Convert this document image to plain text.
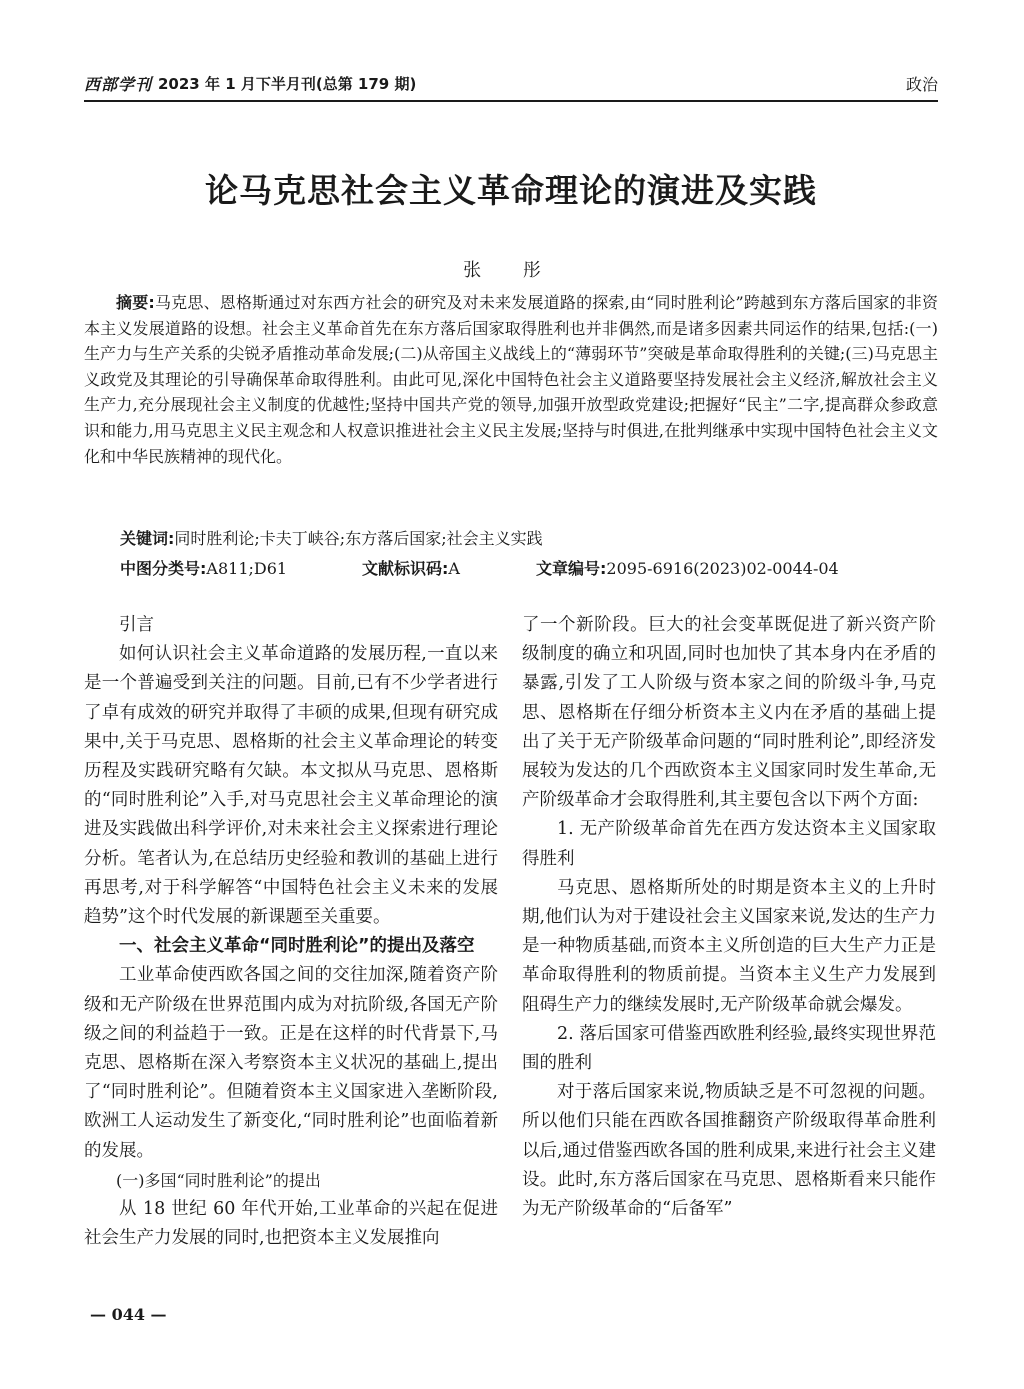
西部学刊 2023 年 1 月下半月刊(总第 179 期)	政治
论马克思社会主义革命理论的演进及实践
张 彤
摘要:马克思、恩格斯通过对东西方社会的研究及对未来发展道路的探索,由“同时胜利论”跨越到东方落后国家的非资本主义发展道路的设想。社会主义革命首先在东方落后国家取得胜利也并非偶然,而是诸多因素共同运作的结果,包括:(一)生产力与生产关系的尖锐矛盾推动革命发展;(二)从帝国主义战线上的“薄弱环节”突破是革命取得胜利的关键;(三)马克思主义政党及其理论的引导确保革命取得胜利。由此可见,深化中国特色社会主义道路要坚持发展社会主义经济,解放社会主义生产力,充分展现社会主义制度的优越性;坚持中国共产党的领导,加强开放型政党建设;把握好“民主”二字,提高群众参政意识和能力,用马克思主义民主观念和人权意识推进社会主义民主发展;坚持与时俱进,在批判继承中实现中国特色社会主义文化和中华民族精神的现代化。
关键词:同时胜利论;卡夫丁峡谷;东方落后国家;社会主义实践
中图分类号:A811;D61	文献标识码:A	文章编号:2095-6916(2023)02-0044-04
引言

如何认识社会主义革命道路的发展历程,一直以来是一个普遍受到关注的问题。目前,已有不少学者进行了卓有成效的研究并取得了丰硕的成果,但现有研究成果中,关于马克思、恩格斯的社会主义革命理论的转变历程及实践研究略有欠缺。本文拟从马克思、恩格斯的“同时胜利论”入手,对马克思社会主义革命理论的演进及实践做出科学评价,对未来社会主义探索进行理论分析。笔者认为,在总结历史经验和教训的基础上进行再思考,对于科学解答“中国特色社会主义未来的发展趋势”这个时代发展的新课题至关重要。

一、社会主义革命“同时胜利论”的提出及落空

工业革命使西欧各国之间的交往加深,随着资产阶级和无产阶级在世界范围内成为对抗阶级,各国无产阶级之间的利益趋于一致。正是在这样的时代背景下,马克思、恩格斯在深入考察资本主义状况的基础上,提出了“同时胜利论”。但随着资本主义国家进入垄断阶段,欧洲工人运动发生了新变化,“同时胜利论”也面临着新的发展。

(一)多国“同时胜利论”的提出

从 18 世纪 60 年代开始,工业革命的兴起在促进社会生产力发展的同时,也把资本主义发展推向

了一个新阶段。巨大的社会变革既促进了新兴资产阶级制度的确立和巩固,同时也加快了其本身内在矛盾的暴露,引发了工人阶级与资本家之间的阶级斗争,马克思、恩格斯在仔细分析资本主义内在矛盾的基础上提出了关于无产阶级革命问题的“同时胜利论”,即经济发展较为发达的几个西欧资本主义国家同时发生革命,无产阶级革命才会取得胜利,其主要包含以下两个方面:

1. 无产阶级革命首先在西方发达资本主义国家取得胜利

马克思、恩格斯所处的时期是资本主义的上升时期,他们认为对于建设社会主义国家来说,发达的生产力是一种物质基础,而资本主义所创造的巨大生产力正是革命取得胜利的物质前提。当资本主义生产力发展到阻碍生产力的继续发展时,无产阶级革命就会爆发。

2. 落后国家可借鉴西欧胜利经验,最终实现世界范围的胜利

对于落后国家来说,物质缺乏是不可忽视的问题。所以他们只能在西欧各国推翻资产阶级取得革命胜利以后,通过借鉴西欧各国的胜利成果,来进行社会主义建设。此时,东方落后国家在马克思、恩格斯看来只能作为无产阶级革命的“后备军”

— 044 —
